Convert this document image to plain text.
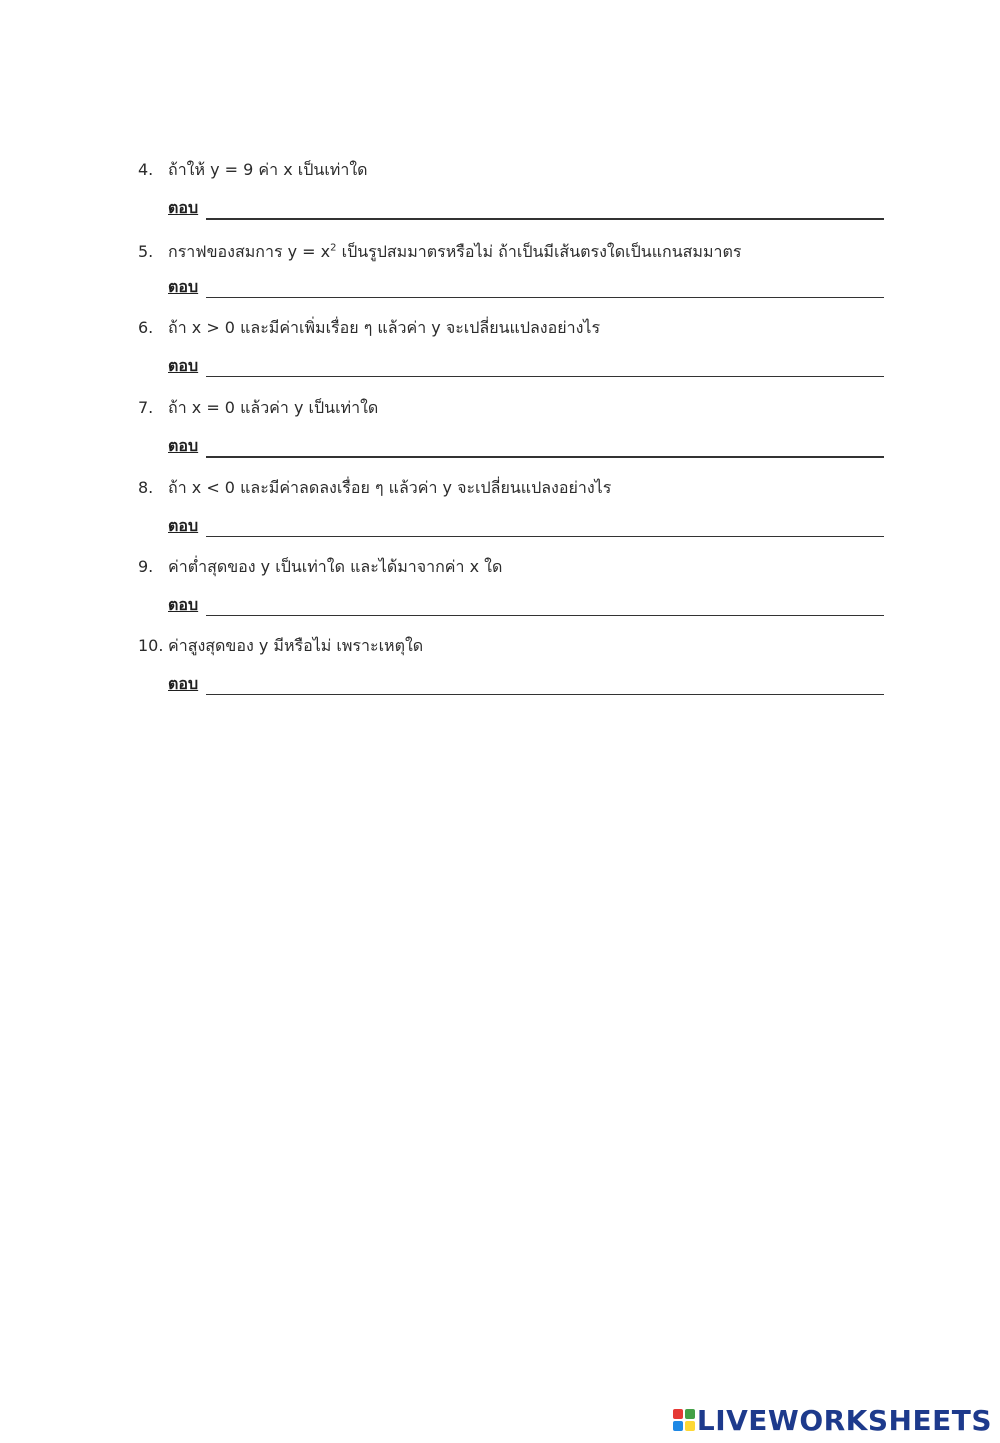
4. ถ้าให้ y = 9 ค่า x เป็นเท่าใด
ตอบ
5. กราฟของสมการ $y = x^2$ เป็นรูปสมมาตรหรือไม่ ถ้าเป็นมีเส้นตรงใดเป็นแกนสมมาตร
ตอบ
6. ถ้า x > 0 และมีค่าเพิ่มเรื่อย ๆ แล้วค่า y จะเปลี่ยนแปลงอย่างไร
ตอบ
7. ถ้า x = 0 แล้วค่า y เป็นเท่าใด
ตอบ
8. ถ้า x < 0 และมีค่าลดลงเรื่อย ๆ แล้วค่า y จะเปลี่ยนแปลงอย่างไร
ตอบ
9. ค่าต่ำสุดของ y เป็นเท่าใด และได้มาจากค่า x ใด
ตอบ
10. ค่าสูงสุดของ y มีหรือไม่ เพราะเหตุใด
ตอบ
LIVEWORKSHEETS
